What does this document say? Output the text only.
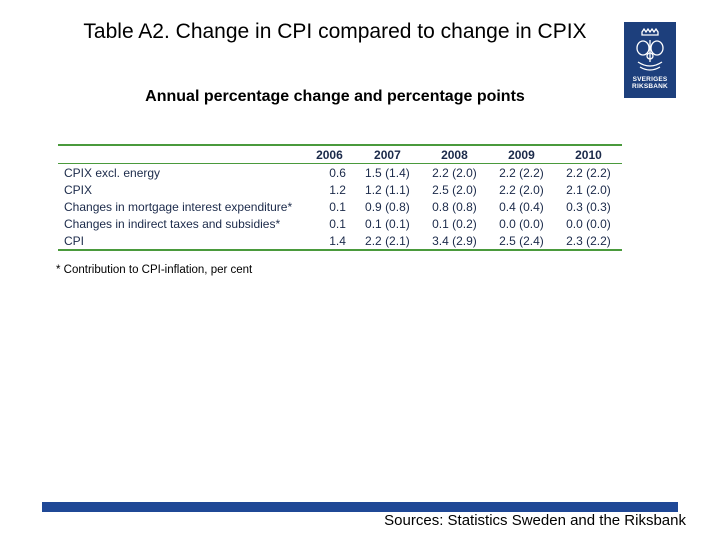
Table A2. Change in CPI compared to change in CPIX
Annual percentage change and percentage points
SVERIGES
RIKSBANK
	2006	2007	2008	2009	2010
CPIX excl. energy	0.6	1.5 (1.4)	2.2 (2.0)	2.2 (2.2)	2.2 (2.2)
CPIX	1.2	1.2 (1.1)	2.5 (2.0)	2.2 (2.0)	2.1 (2.0)
Changes in mortgage interest expenditure*	0.1	0.9 (0.8)	0.8 (0.8)	0.4 (0.4)	0.3 (0.3)
Changes in indirect taxes and subsidies*	0.1	0.1 (0.1)	0.1 (0.2)	0.0 (0.0)	0.0 (0.0)
CPI	1.4	2.2 (2.1)	3.4 (2.9)	2.5 (2.4)	2.3 (2.2)
* Contribution to CPI-inflation, per cent
Sources: Statistics Sweden and the Riksbank
